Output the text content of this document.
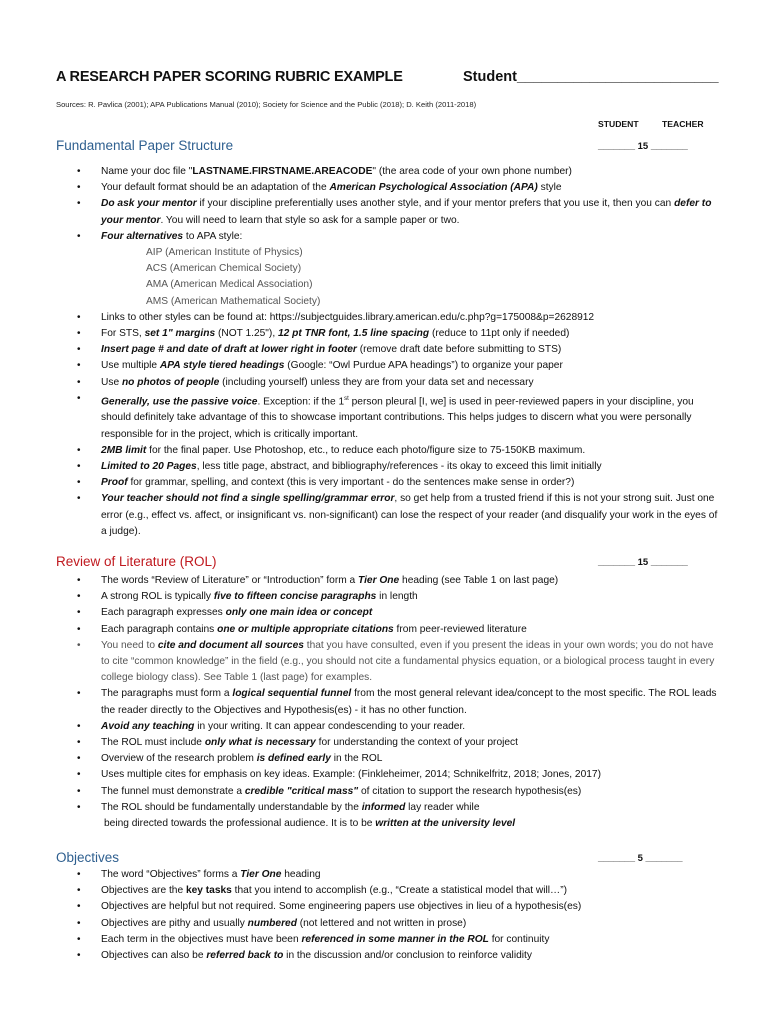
A RESEARCH PAPER SCORING RUBRIC EXAMPLE	Student_________________________
Sources: R. Pavlica (2001); APA Publications Manual (2010); Society for Science and the Public (2018); D. Keith (2011-2018)
STUDENT	TEACHER
Fundamental Paper Structure	_______ 15 _______
• Name your doc file "LASTNAME.FIRSTNAME.AREACODE" (the area code of your own phone number)
• Your default format should be an adaptation of the American Psychological Association (APA) style
• Do ask your mentor if your discipline preferentially uses another style, and if your mentor prefers that you use it, then you can defer to your mentor. You will need to learn that style so ask for a sample paper or two.
• Four alternatives to APA style:
AIP (American Institute of Physics)
ACS (American Chemical Society)
AMA (American Medical Association)
AMS (American Mathematical Society)
• Links to other styles can be found at: https://subjectguides.library.american.edu/c.php?g=175008&p=2628912
• For STS, set 1" margins (NOT 1.25"), 12 pt TNR font, 1.5 line spacing (reduce to 11pt only if needed)
• Insert page # and date of draft at lower right in footer (remove draft date before submitting to STS)
• Use multiple APA style tiered headings (Google: “Owl Purdue APA headings”) to organize your paper
• Use no photos of people (including yourself) unless they are from your data set and necessary
• Generally, use the passive voice. Exception: if the 1st person pleural [I, we] is used in peer-reviewed papers in your discipline, you should definitely take advantage of this to showcase important contributions. This helps judges to discern what you were personally responsible for in the project, which is critically important.
• 2MB limit for the final paper. Use Photoshop, etc., to reduce each photo/figure size to 75-150KB maximum.
• Limited to 20 Pages, less title page, abstract, and bibliography/references - its okay to exceed this limit initially
• Proof for grammar, spelling, and context (this is very important - do the sentences make sense in order?)
• Your teacher should not find a single spelling/grammar error, so get help from a trusted friend if this is not your strong suit. Just one error (e.g., effect vs. affect, or insignificant vs. non-significant) can lose the respect of your reader (and disqualify your work in the eyes of a judge).
Review of Literature (ROL)	_______ 15 _______
• The words “Review of Literature” or “Introduction” form a Tier One heading (see Table 1 on last page)
• A strong ROL is typically five to fifteen concise paragraphs in length
• Each paragraph expresses only one main idea or concept
• Each paragraph contains one or multiple appropriate citations from peer-reviewed literature
• You need to cite and document all sources that you have consulted, even if you present the ideas in your own words; you do not have to cite “common knowledge” in the field (e.g., you should not cite a fundamental physics equation, or a biological process taught in every college biology class). See Table 1 (last page) for examples.
• The paragraphs must form a logical sequential funnel from the most general relevant idea/concept to the most specific. The ROL leads the reader directly to the Objectives and Hypothesis(es) - it has no other function.
• Avoid any teaching in your writing. It can appear condescending to your reader.
• The ROL must include only what is necessary for understanding the context of your project
• Overview of the research problem is defined early in the ROL
• Uses multiple cites for emphasis on key ideas. Example: (Finkleheimer, 2014; Schnikelfritz, 2018; Jones, 2017)
• The funnel must demonstrate a credible "critical mass" of citation to support the research hypothesis(es)
• The ROL should be fundamentally understandable by the informed lay reader while
being directed towards the professional audience. It is to be written at the university level
Objectives	_______ 5 _______
• The word “Objectives” forms a Tier One heading
• Objectives are the key tasks that you intend to accomplish (e.g., “Create a statistical model that will…”)
• Objectives are helpful but not required. Some engineering papers use objectives in lieu of a hypothesis(es)
• Objectives are pithy and usually numbered (not lettered and not written in prose)
• Each term in the objectives must have been referenced in some manner in the ROL for continuity
• Objectives can also be referred back to in the discussion and/or conclusion to reinforce validity
